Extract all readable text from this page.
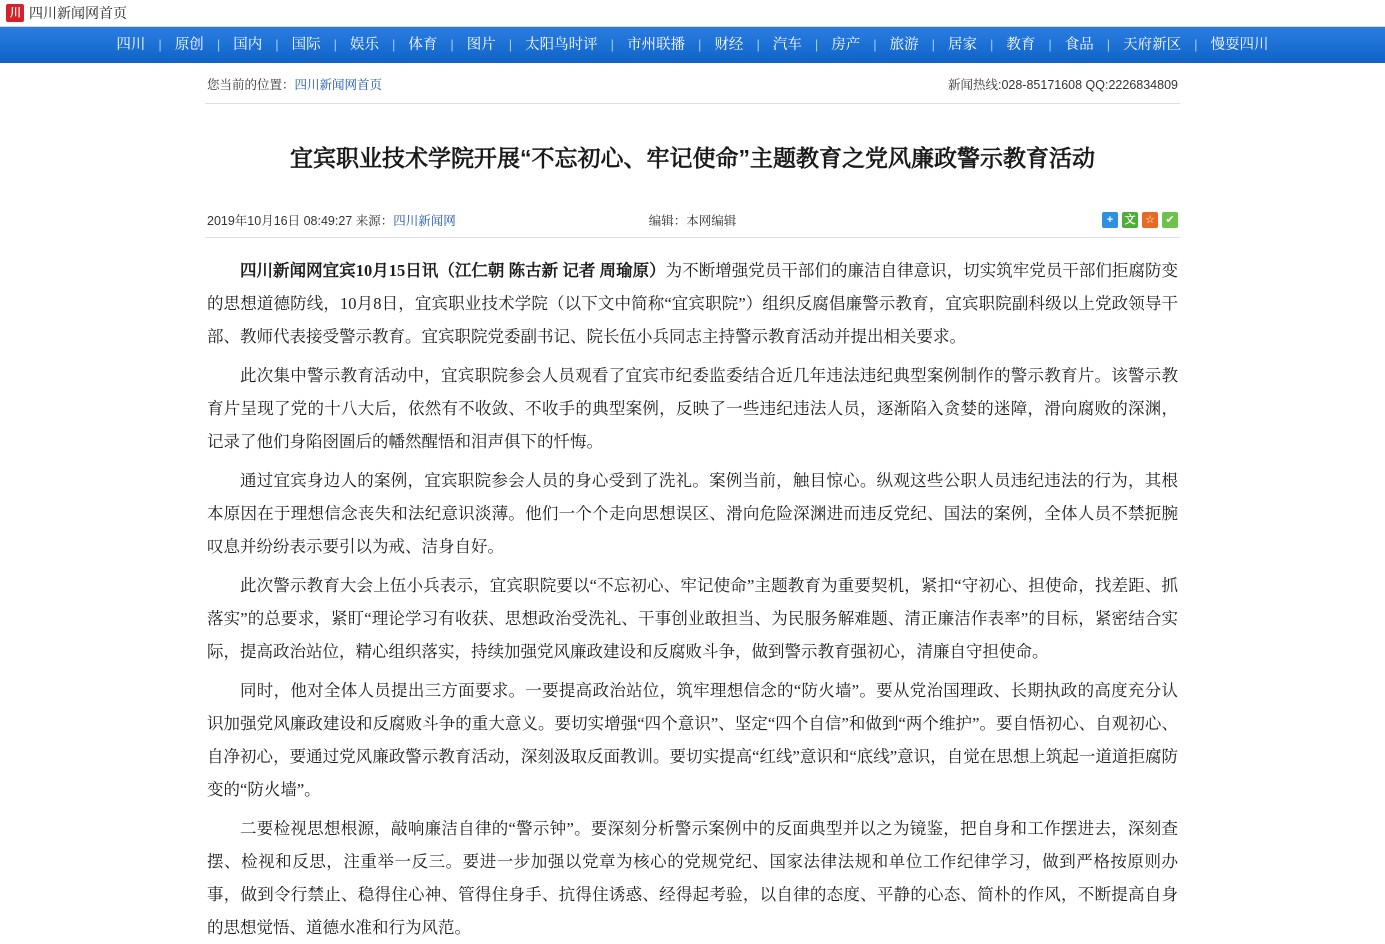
川 四川新闻网首页
四川	| 原创	| 国内	| 国际	| 娱乐	| 体育	| 图片	| 太阳鸟时评	| 市州联播	| 财经	| 汽车	| 房产	| 旅游	| 居家	| 教育	| 食品	| 天府新区	| 慢耍四川
您当前的位置：四川新闻网首页	新闻热线:028-85171608 QQ:2226834809
宜宾职业技术学院开展“不忘初心、牢记使命”主题教育之党风廉政警示教育活动
2019年10月16日 08:49:27 来源：四川新闻网	编辑：本网编辑	+	文 ☆ ✔

四川新闻网宜宾10月15日讯（江仁朝 陈古新 记者 周瑜原）为不断增强党员干部们的廉洁自律意识，切实筑牢党员干部们拒腐防变的思想道德防线，10月8日，宜宾职业技术学院（以下文中简称“宜宾职院”）组织反腐倡廉警示教育，宜宾职院副科级以上党政领导干部、教师代表接受警示教育。宜宾职院党委副书记、院长伍小兵同志主持警示教育活动并提出相关要求。

此次集中警示教育活动中，宜宾职院参会人员观看了宜宾市纪委监委结合近几年违法违纪典型案例制作的警示教育片。该警示教育片呈现了党的十八大后，依然有不收敛、不收手的典型案例，反映了一些违纪违法人员，逐渐陷入贪婪的迷障，滑向腐败的深渊，记录了他们身陷囹圄后的幡然醒悟和泪声俱下的忏悔。

通过宜宾身边人的案例，宜宾职院参会人员的身心受到了洗礼。案例当前，触目惊心。纵观这些公职人员违纪违法的行为，其根本原因在于理想信念丧失和法纪意识淡薄。他们一个个走向思想误区、滑向危险深渊进而违反党纪、国法的案例，全体人员不禁扼腕叹息并纷纷表示要引以为戒、洁身自好。

此次警示教育大会上伍小兵表示，宜宾职院要以“不忘初心、牢记使命”主题教育为重要契机，紧扣“守初心、担使命，找差距、抓落实”的总要求，紧盯“理论学习有收获、思想政治受洗礼、干事创业敢担当、为民服务解难题、清正廉洁作表率”的目标，紧密结合实际，提高政治站位，精心组织落实，持续加强党风廉政建设和反腐败斗争，做到警示教育强初心，清廉自守担使命。

同时，他对全体人员提出三方面要求。一要提高政治站位，筑牢理想信念的“防火墙”。要从党治国理政、长期执政的高度充分认识加强党风廉政建设和反腐败斗争的重大意义。要切实增强“四个意识”、坚定“四个自信”和做到“两个维护”。要自悟初心、自观初心、自净初心，要通过党风廉政警示教育活动，深刻汲取反面教训。要切实提高“红线”意识和“底线”意识，自觉在思想上筑起一道道拒腐防变的“防火墙”。

二要检视思想根源，敲响廉洁自律的“警示钟”。要深刻分析警示案例中的反面典型并以之为镜鉴，把自身和工作摆进去，深刻查摆、检视和反思，注重举一反三。要进一步加强以党章为核心的党规党纪、国家法律法规和单位工作纪律学习，做到严格按原则办事，做到令行禁止、稳得住心神、管得住身手、抗得住诱惑、经得起考验，以自律的态度、平静的心态、简朴的作风，不断提高自身的思想觉悟、道德水准和行为风范。
